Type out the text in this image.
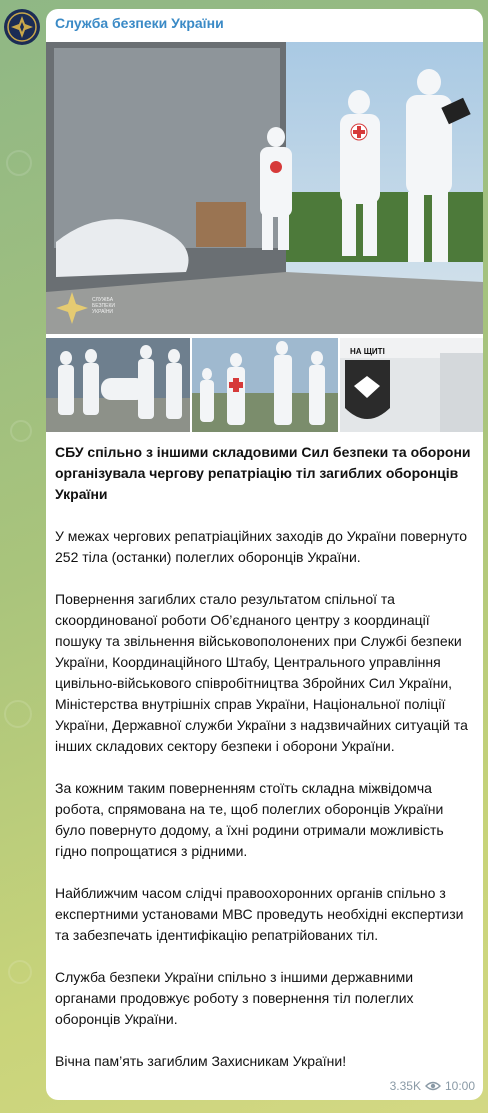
Служба безпеки України
СЛУЖБА БЕЗПЕКИ УКРАЇНИ
НА ЩИТІ

СБУ спільно з іншими складовими Сил безпеки та оборони організувала чергову репатріацію тіл загиблих оборонців України

У межах чергових репатріаційних заходів до України повернуто 252 тіла (останки) полеглих оборонців України.

Повернення загиблих стало результатом спільної та скоординованої роботи Об’єднаного центру з координації пошуку та звільнення військовополонених при Службі безпеки України, Координаційного Штабу, Центрального управління цивільно-військового співробітництва Збройних Сил України, Міністерства внутрішніх справ України, Національної поліції України, Державної служби України з надзвичайних ситуацій та інших складових сектору безпеки і оборони України.

За кожним таким поверненням стоїть складна міжвідомча робота, спрямована на те, щоб полеглих оборонців України було повернуто додому, а їхні родини отримали можливість гідно попрощатися з рідними.

Найближчим часом слідчі правоохоронних органів спільно з експертними установами МВС проведуть необхідні експертизи та забезпечать ідентифікацію репатрійованих тіл.

Служба безпеки України спільно з іншими державними органами продовжує роботу з повернення тіл полеглих оборонців України.

Вічна пам’ять загиблим Захисникам України!

3.35K 10:00
